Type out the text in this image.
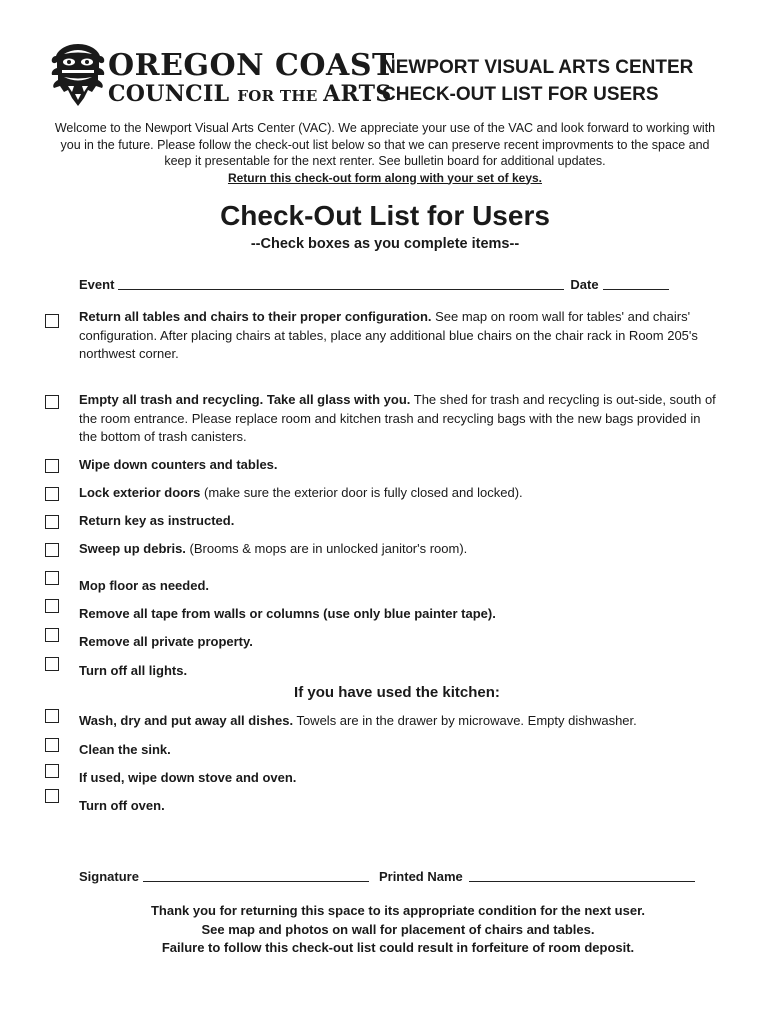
OREGON COAST
COUNCIL FOR THE ARTS
NEWPORT VISUAL ARTS CENTER
CHECK-OUT LIST FOR USERS
Welcome to the Newport Visual Arts Center (VAC). We appreciate your use of the VAC and look forward to working with you in the future. Please follow the check-out list below so that we can preserve recent improvments to the space and keep it presentable for the next renter. See bulletin board for additional updates.
Return this check-out form along with your set of keys.
Check-Out List for Users
--Check boxes as you complete items--
Event	Date
Return all tables and chairs to their proper configuration. See map on room wall for tables' and chairs' configuration. After placing chairs at tables, place any additional blue chairs on the chair rack in Room 205's northwest corner.
Empty all trash and recycling. Take all glass with you. The shed for trash and recycling is out-side, south of the room entrance. Please replace room and kitchen trash and recycling bags with the new bags provided in the bottom of trash canisters.
Wipe down counters and tables.
Lock exterior doors (make sure the exterior door is fully closed and locked).
Return key as instructed.
Sweep up debris. (Brooms & mops are in unlocked janitor's room).
Mop floor as needed.
Remove all tape from walls or columns (use only blue painter tape).
Remove all private property.
Turn off all lights.
If you have used the kitchen:
Wash, dry and put away all dishes. Towels are in the drawer by microwave. Empty dishwasher.
Clean the sink.
If used, wipe down stove and oven.
Turn off oven.
Signature	Printed Name
Thank you for returning this space to its appropriate condition for the next user.
See map and photos on wall for placement of chairs and tables.
Failure to follow this check-out list could result in forfeiture of room deposit.
